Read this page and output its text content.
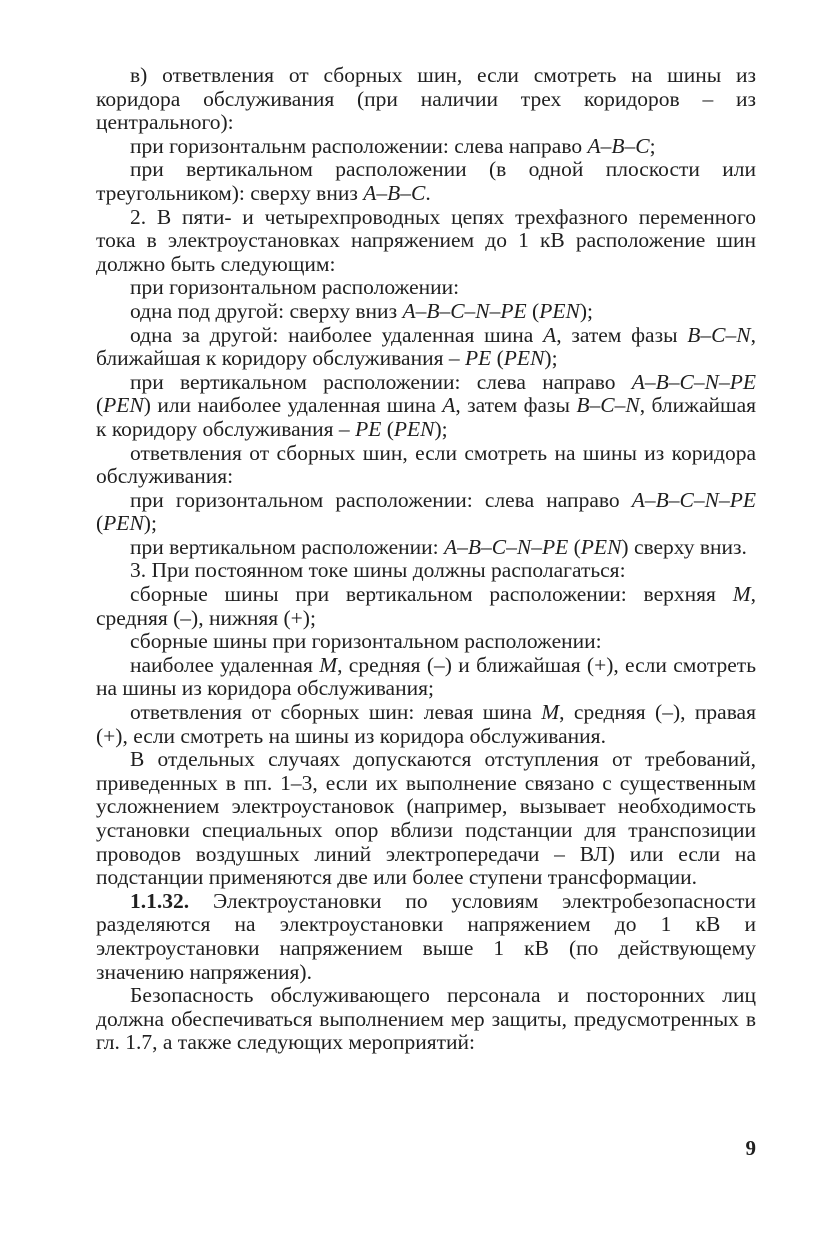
в) ответвления от сборных шин, если смотреть на шины из коридора обслуживания (при наличии трех коридоров – из центрального):

при горизонтальнм расположении: слева направо А–В–С;

при вертикальном расположении (в одной плоскости или треугольником): сверху вниз А–В–С.

2. В пяти- и четырехпроводных цепях трехфазного переменного тока в электроустановках напряжением до 1 кВ расположение шин должно быть следующим:

при горизонтальном расположении:

одна под другой: сверху вниз А–В–С–N–PE (PEN);

одна за другой: наиболее удаленная шина А, затем фазы В–С–N, ближайшая к коридору обслуживания – PE (PEN);

при вертикальном расположении: слева направо А–В–С–N–PE (PEN) или наиболее удаленная шина А, затем фазы В–С–N, ближайшая к коридору обслуживания – PE (PEN);

ответвления от сборных шин, если смотреть на шины из коридора обслуживания:

при горизонтальном расположении: слева направо А–В–С–N–PE (PEN);

при вертикальном расположении: А–В–С–N–PE (PEN) сверху вниз.

3. При постоянном токе шины должны располагаться:

сборные шины при вертикальном расположении: верхняя М, средняя (–), нижняя (+);

сборные шины при горизонтальном расположении:

наиболее удаленная М, средняя (–) и ближайшая (+), если смотреть на шины из коридора обслуживания;

ответвления от сборных шин: левая шина М, средняя (–), правая (+), если смотреть на шины из коридора обслуживания.

В отдельных случаях допускаются отступления от требований, приведенных в пп. 1–3, если их выполнение связано с существенным усложнением электроустановок (например, вызывает необходимость установки специальных опор вблизи подстанции для транспозиции проводов воздушных линий электропередачи – ВЛ) или если на подстанции применяются две или более ступени трансформации.

1.1.32. Электроустановки по условиям электробезопасности разделяются на электроустановки напряжением до 1 кВ и электроустановки напряжением выше 1 кВ (по действующему значению напряжения).

Безопасность обслуживающего персонала и посторонних лиц должна обеспечиваться выполнением мер защиты, предусмотренных в гл. 1.7, а также следующих мероприятий:

9
